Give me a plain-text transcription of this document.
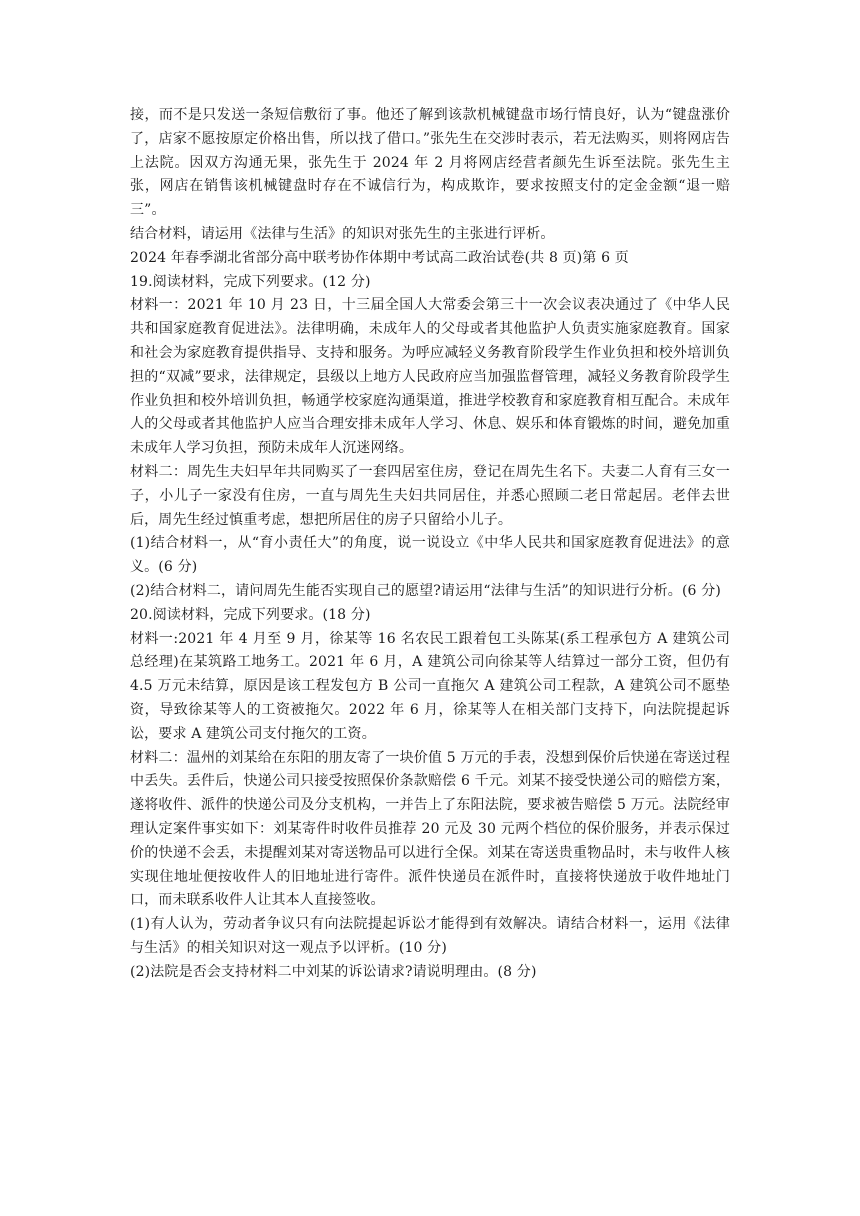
接，而不是只发送一条短信敷衍了事。他还了解到该款机械键盘市场行情良好，认为“键盘涨价了，店家不愿按原定价格出售，所以找了借口。”张先生在交涉时表示，若无法购买，则将网店告上法院。因双方沟通无果，张先生于 2024 年 2 月将网店经营者颜先生诉至法院。张先生主张，网店在销售该机械键盘时存在不诚信行为，构成欺诈，要求按照支付的定金金额“退一赔三”。

结合材料，请运用《法律与生活》的知识对张先生的主张进行评析。

2024 年春季湖北省部分高中联考协作体期中考试高二政治试卷(共 8 页)第 6 页

19.阅读材料，完成下列要求。(12 分)

材料一：2021 年 10 月 23 日，十三届全国人大常委会第三十一次会议表决通过了《中华人民共和国家庭教育促进法》。法律明确，未成年人的父母或者其他监护人负责实施家庭教育。国家和社会为家庭教育提供指导、支持和服务。为呼应减轻义务教育阶段学生作业负担和校外培训负担的“双减”要求，法律规定，县级以上地方人民政府应当加强监督管理，减轻义务教育阶段学生作业负担和校外培训负担，畅通学校家庭沟通渠道，推进学校教育和家庭教育相互配合。未成年人的父母或者其他监护人应当合理安排未成年人学习、休息、娱乐和体育锻炼的时间，避免加重未成年人学习负担，预防未成年人沉迷网络。

材料二：周先生夫妇早年共同购买了一套四居室住房，登记在周先生名下。夫妻二人育有三女一子，小儿子一家没有住房，一直与周先生夫妇共同居住，并悉心照顾二老日常起居。老伴去世后，周先生经过慎重考虑，想把所居住的房子只留给小儿子。

(1)结合材料一，从“育小责任大”的角度，说一说设立《中华人民共和国家庭教育促进法》的意义。(6 分)

(2)结合材料二，请问周先生能否实现自己的愿望?请运用“法律与生活”的知识进行分析。(6 分)

20.阅读材料，完成下列要求。(18 分)

材料一:2021 年 4 月至 9 月，徐某等 16 名农民工跟着包工头陈某(系工程承包方 A 建筑公司总经理)在某筑路工地务工。2021 年 6 月，A 建筑公司向徐某等人结算过一部分工资，但仍有 4.5 万元未结算，原因是该工程发包方 B 公司一直拖欠 A 建筑公司工程款，A 建筑公司不愿垫资，导致徐某等人的工资被拖欠。2022 年 6 月，徐某等人在相关部门支持下，向法院提起诉讼，要求 A 建筑公司支付拖欠的工资。

材料二：温州的刘某给在东阳的朋友寄了一块价值 5 万元的手表，没想到保价后快递在寄送过程中丢失。丢件后，快递公司只接受按照保价条款赔偿 6 千元。刘某不接受快递公司的赔偿方案，遂将收件、派件的快递公司及分支机构，一并告上了东阳法院，要求被告赔偿 5 万元。法院经审理认定案件事实如下：刘某寄件时收件员推荐 20 元及 30 元两个档位的保价服务，并表示保过价的快递不会丢，未提醒刘某对寄送物品可以进行全保。刘某在寄送贵重物品时，未与收件人核实现住地址便按收件人的旧地址进行寄件。派件快递员在派件时，直接将快递放于收件地址门口，而未联系收件人让其本人直接签收。

(1)有人认为，劳动者争议只有向法院提起诉讼才能得到有效解决。请结合材料一，运用《法律与生活》的相关知识对这一观点予以评析。(10 分)

(2)法院是否会支持材料二中刘某的诉讼请求?请说明理由。(8 分)
